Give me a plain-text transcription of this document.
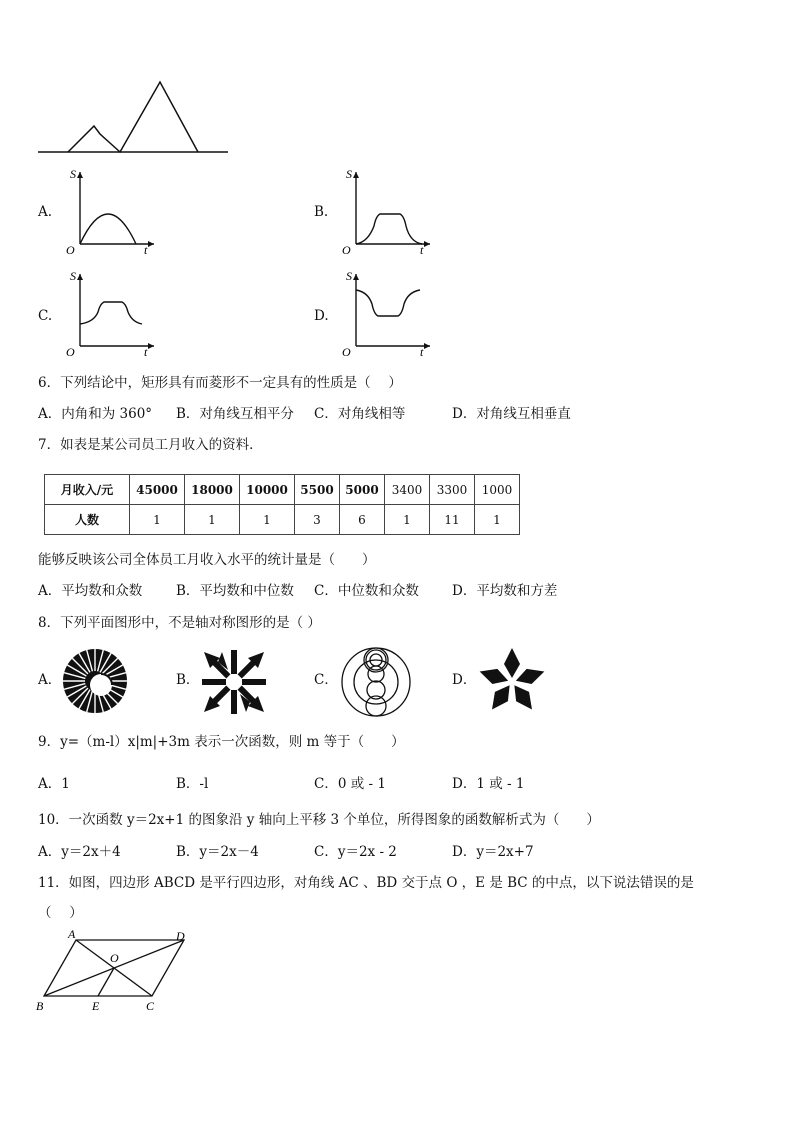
A.
O
S
t
B.
O
S
t
C.
O
S
t
D.
O
S
t
6．下列结论中，矩形具有而菱形不一定具有的性质是（　 ）
A．内角和为 360° B．对角线互相平分 C．对角线相等	D．对角线互相垂直
7．如表是某公司员工月收入的资料．
月收入/元	45000	18000	10000	5500	5000	3400	3300	1000
人数	1	1	1	3	6	1	11	1
能够反映该公司全体员工月收入水平的统计量是（　　）
A．平均数和众数	B．平均数和中位数 C．中位数和众数 D．平均数和方差
8．下列平面图形中，不是轴对称图形的是（ ）
A．	B．	C．	D．
9．y=（m-l）x|m|+3m 表示一次函数，则 m 等于（　　）
A．1	B．-l	C．0 或 - 1	D．1 或 - 1
10．一次函数 y＝2x+1 的图象沿 y 轴向上平移 3 个单位，所得图象的函数解析式为（　　）
A．y＝2x＋4	B．y＝2x－4	C．y＝2x - 2	D．y＝2x+7
11．如图，四边形 ABCD 是平行四边形，对角线 AC 、BD 交于点 O ，E 是 BC 的中点，以下说法错误的是
（　 ）
A	D
O
B	E	C
